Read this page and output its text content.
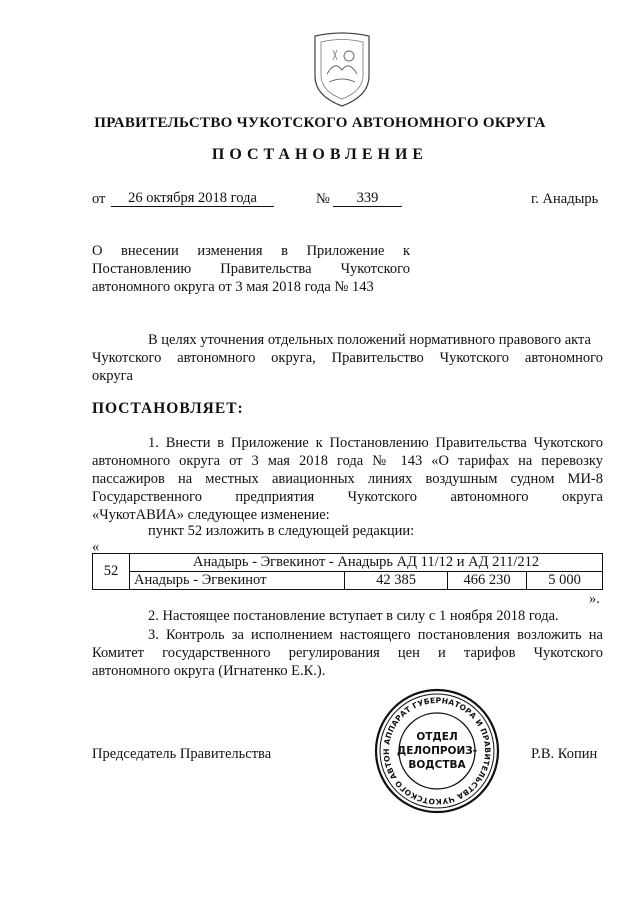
ПРАВИТЕЛЬСТВО ЧУКОТСКОГО АВТОНОМНОГО ОКРУГА
ПОСТАНОВЛЕНИЕ
от	26 октября 2018 года	№	339	г. Анадырь
О внесении изменения в Приложение к
Постановлению Правительства Чукотского
автономного округа от 3 мая 2018 года № 143
В целях уточнения отдельных положений нормативного правового акта
Чукотского автономного округа, Правительство Чукотского автономного
округа
ПОСТАНОВЛЯЕТ:
1. Внести в Приложение к Постановлению Правительства Чукотского
автономного округа от 3 мая 2018 года № 143 «О тарифах на перевозку
пассажиров на местных авиационных линиях воздушным судном МИ-8
Государственного предприятия Чукотского автономного округа
«ЧукотАВИА» следующее изменение:
пункт 52 изложить в следующей редакции:
«
52	Анадырь - Эгвекинот - Анадырь АД 11/12 и АД 211/212			
	Анадырь - Эгвекинот	42 385	466 230	5 000
».
2. Настоящее постановление вступает в силу с 1 ноября 2018 года.
3. Контроль за исполнением настоящего постановления возложить на
Комитет государственного регулирования цен и тарифов Чукотского
автономного округа (Игнатенко Е.К.).
Председатель Правительства	Р.В. Копин
АППАРАТ ГУБЕРНАТОРА И ПРАВИТЕЛЬСТВА ЧУКОТСКОГО АВТОН
ОТДЕЛ
ДЕЛОПРОИЗ-
ВОДСТВА
